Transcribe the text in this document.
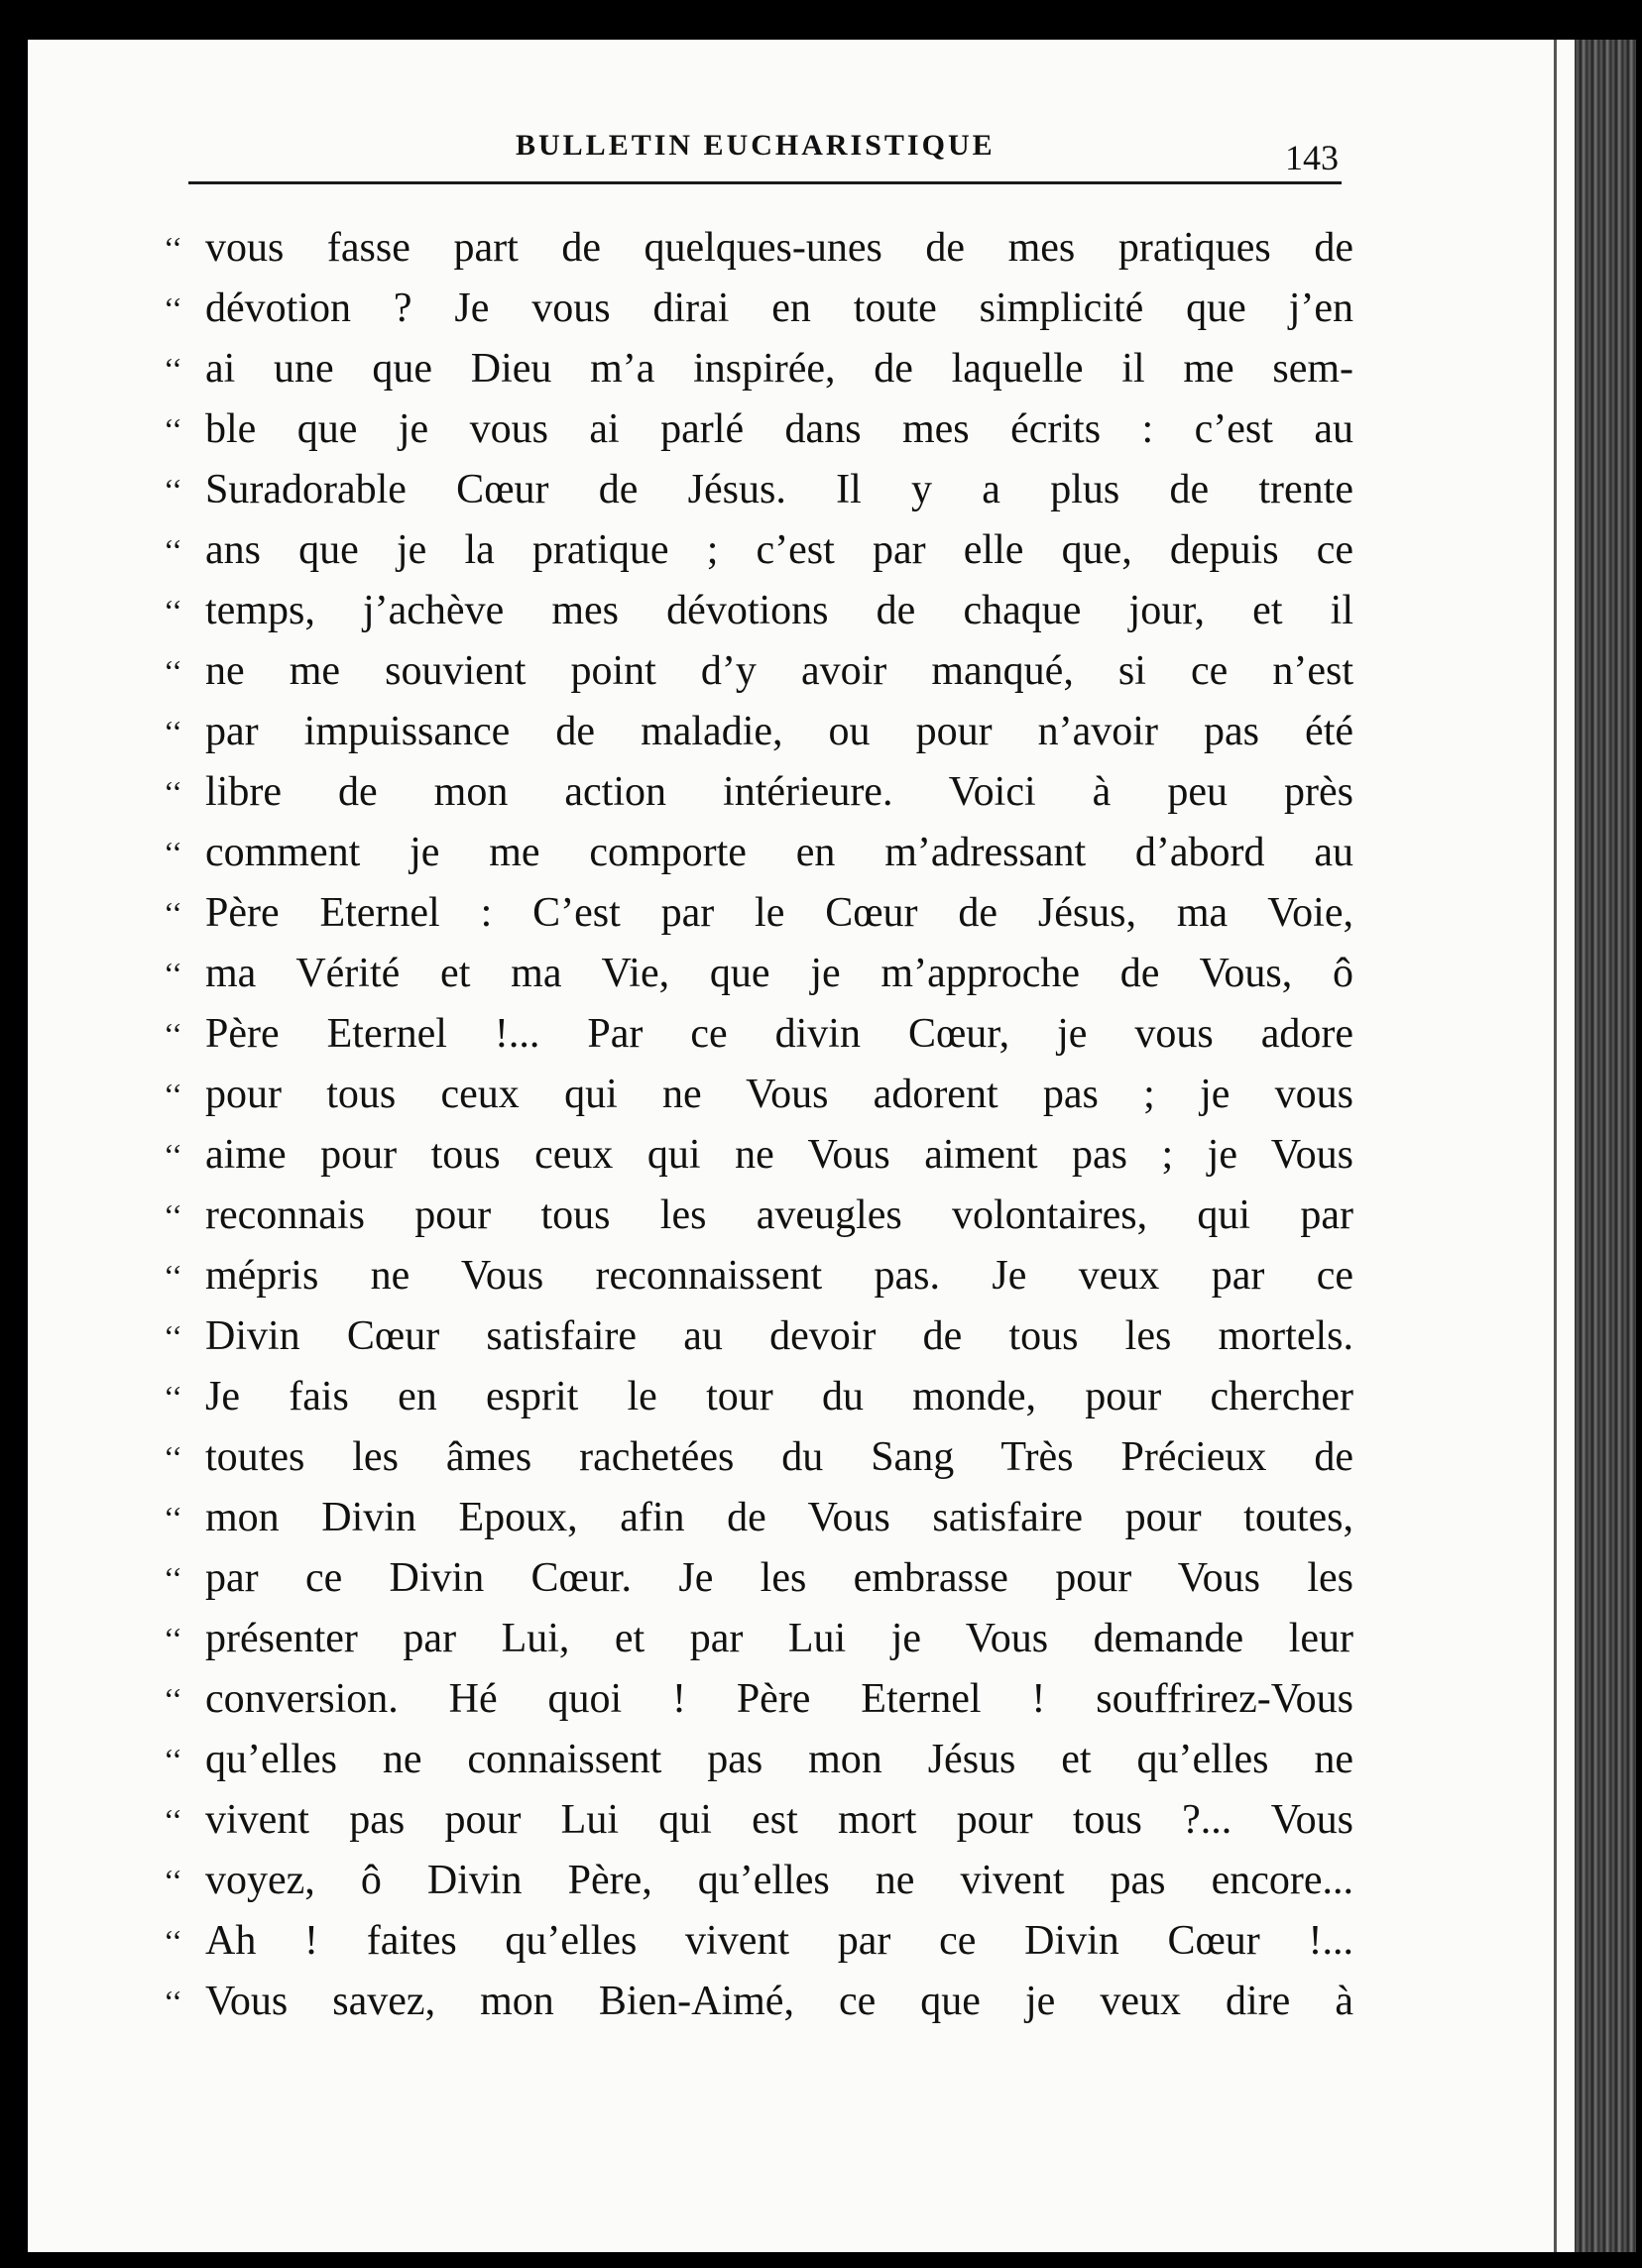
BULLETIN EUCHARISTIQUE	143
‘‘ vous fasse part de quelques-unes de mes pratiques de
‘‘ dévotion ? Je vous dirai en toute simplicité que j’en
‘‘ ai une que Dieu m’a inspirée, de laquelle il me sem-
‘‘ ble que je vous ai parlé dans mes écrits : c’est au
‘‘ Suradorable Cœur de Jésus. Il y a plus de trente
‘‘ ans que je la pratique ; c’est par elle que, depuis ce
‘‘ temps, j’achève mes dévotions de chaque jour, et il
‘‘ ne me souvient point d’y avoir manqué, si ce n’est
‘‘ par impuissance de maladie, ou pour n’avoir pas été
‘‘ libre de mon action intérieure. Voici à peu près
‘‘ comment je me comporte en m’adressant d’abord au
‘‘ Père Eternel : C’est par le Cœur de Jésus, ma Voie,
‘‘ ma Vérité et ma Vie, que je m’approche de Vous, ô
‘‘ Père Eternel !... Par ce divin Cœur, je vous adore
‘‘ pour tous ceux qui ne Vous adorent pas ; je vous
‘‘ aime pour tous ceux qui ne Vous aiment pas ; je Vous
‘‘ reconnais pour tous les aveugles volontaires, qui par
‘‘ mépris ne Vous reconnaissent pas. Je veux par ce
‘‘ Divin Cœur satisfaire au devoir de tous les mortels.
‘‘ Je fais en esprit le tour du monde, pour chercher
‘‘ toutes les âmes rachetées du Sang Très Précieux de
‘‘ mon Divin Epoux, afin de Vous satisfaire pour toutes,
‘‘ par ce Divin Cœur. Je les embrasse pour Vous les
‘‘ présenter par Lui, et par Lui je Vous demande leur
‘‘ conversion. Hé quoi ! Père Eternel ! souffrirez-Vous
‘‘ qu’elles ne connaissent pas mon Jésus et qu’elles ne
‘‘ vivent pas pour Lui qui est mort pour tous ?... Vous
‘‘ voyez, ô Divin Père, qu’elles ne vivent pas encore...
‘‘ Ah ! faites qu’elles vivent par ce Divin Cœur !...
‘‘ Vous savez, mon Bien-Aimé, ce que je veux dire à
